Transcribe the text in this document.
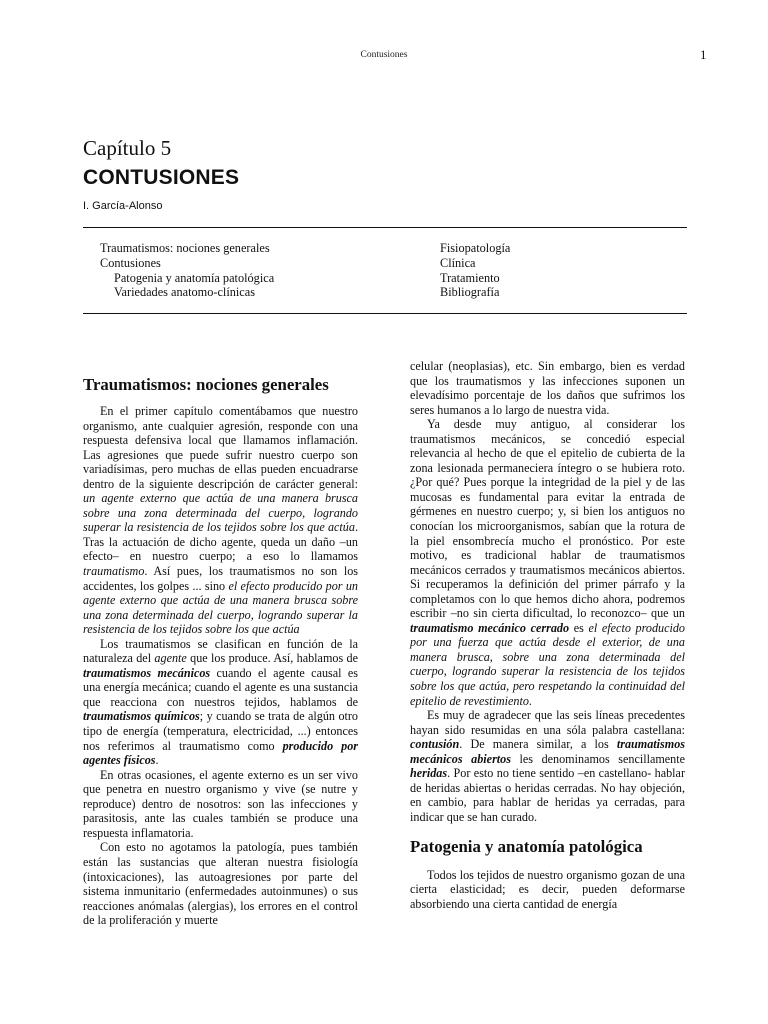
Contusiones	1
Capítulo 5
CONTUSIONES
I. García-Alonso
Traumatismos: nociones generales
Contusiones
Patogenia y anatomía patológica
Variedades anatomo-clínicas
Fisiopatología
Clínica
Tratamiento
Bibliografía
Traumatismos: nociones generales

En el primer capítulo comentábamos que nuestro organismo, ante cualquier agresión, responde con una respuesta defensiva local que llamamos inflamación. Las agresiones que puede sufrir nuestro cuerpo son variadísimas, pero muchas de ellas pueden encuadrarse dentro de la siguiente descripción de carácter general: un agente externo que actúa de una manera brusca sobre una zona determinada del cuerpo, logrando superar la resistencia de los tejidos sobre los que actúa. Tras la actuación de dicho agente, queda un daño –un efecto– en nuestro cuerpo; a eso lo llamamos traumatismo. Así pues, los traumatismos no son los accidentes, los golpes ... sino el efecto producido por un agente externo que actúa de una manera brusca sobre una zona determinada del cuerpo, logrando superar la resistencia de los tejidos sobre los que actúa

Los traumatismos se clasifican en función de la naturaleza del agente que los produce. Así, hablamos de traumatismos mecánicos cuando el agente causal es una energía mecánica; cuando el agente es una sustancia que reacciona con nuestros tejidos, hablamos de traumatismos químicos; y cuando se trata de algún otro tipo de energía (temperatura, electricidad, ...) entonces nos referimos al traumatismo como producido por agentes físicos.

En otras ocasiones, el agente externo es un ser vivo que penetra en nuestro organismo y vive (se nutre y reproduce) dentro de nosotros: son las infecciones y parasitosis, ante las cuales también se produce una respuesta inflamatoria.

Con esto no agotamos la patología, pues también están las sustancias que alteran nuestra fisiología (intoxicaciones), las autoagresiones por parte del sistema inmunitario (enfermedades autoinmunes) o sus reacciones anómalas (alergias), los errores en el control de la proliferación y muerte

celular (neoplasias), etc. Sin embargo, bien es verdad que los traumatismos y las infecciones suponen un elevadísimo porcentaje de los daños que sufrimos los seres humanos a lo largo de nuestra vida.

Ya desde muy antiguo, al considerar los traumatismos mecánicos, se concedió especial relevancia al hecho de que el epitelio de cubierta de la zona lesionada permaneciera íntegro o se hubiera roto. ¿Por qué? Pues porque la integridad de la piel y de las mucosas es fundamental para evitar la entrada de gérmenes en nuestro cuerpo; y, si bien los antiguos no conocían los microorganismos, sabían que la rotura de la piel ensombrecía mucho el pronóstico. Por este motivo, es tradicional hablar de traumatismos mecánicos cerrados y traumatismos mecánicos abiertos. Si recuperamos la definición del primer párrafo y la completamos con lo que hemos dicho ahora, podremos escribir –no sin cierta dificultad, lo reconozco– que un traumatismo mecánico cerrado es el efecto producido por una fuerza que actúa desde el exterior, de una manera brusca, sobre una zona determinada del cuerpo, logrando superar la resistencia de los tejidos sobre los que actúa, pero respetando la continuidad del epitelio de revestimiento.

Es muy de agradecer que las seis líneas precedentes hayan sido resumidas en una sóla palabra castellana: contusión. De manera similar, a los traumatismos mecánicos abiertos les denominamos sencillamente heridas. Por esto no tiene sentido –en castellano- hablar de heridas abiertas o heridas cerradas. No hay objeción, en cambio, para hablar de heridas ya cerradas, para indicar que se han curado.

Patogenia y anatomía patológica

Todos los tejidos de nuestro organismo gozan de una cierta elasticidad; es decir, pueden deformarse absorbiendo una cierta cantidad de energía
